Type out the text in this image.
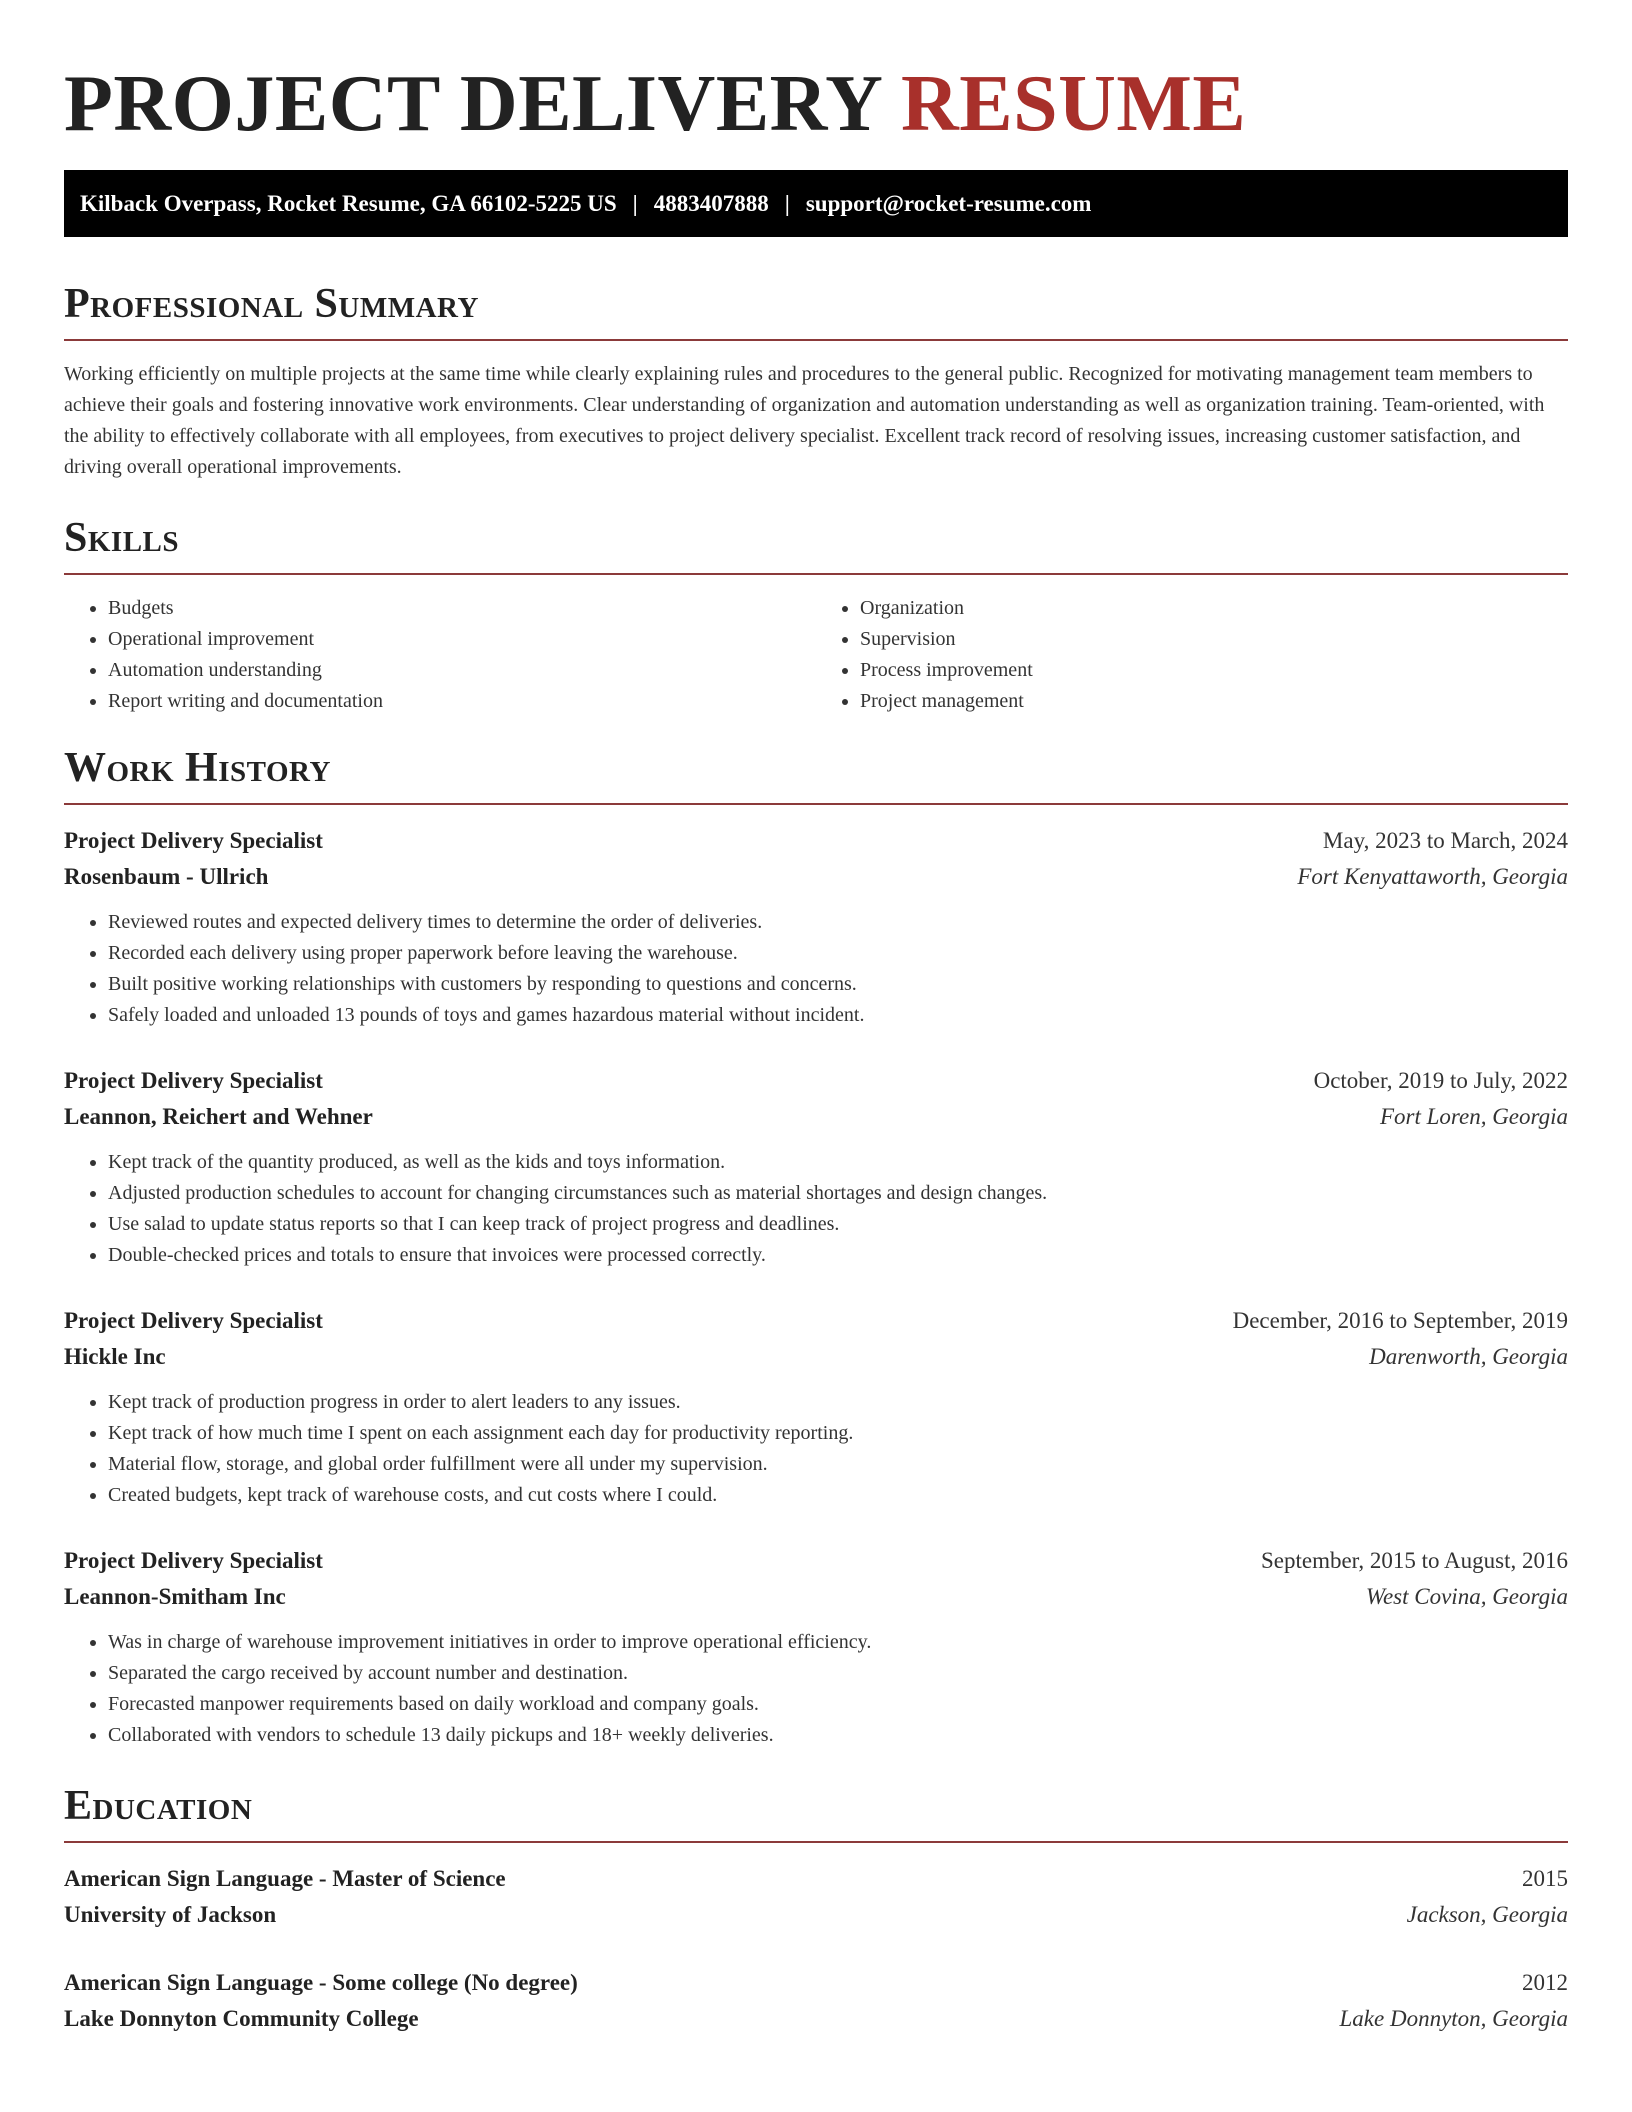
PROJECT DELIVERY RESUME
Kilback Overpass, Rocket Resume, GA 66102-5225 US | 4883407888 | support@rocket-resume.com
Professional Summary

Working efficiently on multiple projects at the same time while clearly explaining rules and procedures to the general public. Recognized for motivating management team members to achieve their goals and fostering innovative work environments. Clear understanding of organization and automation understanding as well as organization training. Team-oriented, with the ability to effectively collaborate with all employees, from executives to project delivery specialist. Excellent track record of resolving issues, increasing customer satisfaction, and driving overall operational improvements.

Skills
• Budgets
• Operational improvement
• Automation understanding
• Report writing and documentation
• Organization
• Supervision
• Process improvement
• Project management
Work History
Project Delivery Specialist	May, 2023 to March, 2024
Rosenbaum - Ullrich	Fort Kenyattaworth, Georgia
• Reviewed routes and expected delivery times to determine the order of deliveries.
• Recorded each delivery using proper paperwork before leaving the warehouse.
• Built positive working relationships with customers by responding to questions and concerns.
• Safely loaded and unloaded 13 pounds of toys and games hazardous material without incident.
Project Delivery Specialist	October, 2019 to July, 2022
Leannon, Reichert and Wehner	Fort Loren, Georgia
• Kept track of the quantity produced, as well as the kids and toys information.
• Adjusted production schedules to account for changing circumstances such as material shortages and design changes.
• Use salad to update status reports so that I can keep track of project progress and deadlines.
• Double-checked prices and totals to ensure that invoices were processed correctly.
Project Delivery Specialist	December, 2016 to September, 2019
Hickle Inc	Darenworth, Georgia
• Kept track of production progress in order to alert leaders to any issues.
• Kept track of how much time I spent on each assignment each day for productivity reporting.
• Material flow, storage, and global order fulfillment were all under my supervision.
• Created budgets, kept track of warehouse costs, and cut costs where I could.
Project Delivery Specialist	September, 2015 to August, 2016
Leannon-Smitham Inc	West Covina, Georgia
• Was in charge of warehouse improvement initiatives in order to improve operational efficiency.
• Separated the cargo received by account number and destination.
• Forecasted manpower requirements based on daily workload and company goals.
• Collaborated with vendors to schedule 13 daily pickups and 18+ weekly deliveries.
Education
American Sign Language - Master of Science	2015
University of Jackson	Jackson, Georgia
American Sign Language - Some college (No degree)	2012
Lake Donnyton Community College	Lake Donnyton, Georgia
